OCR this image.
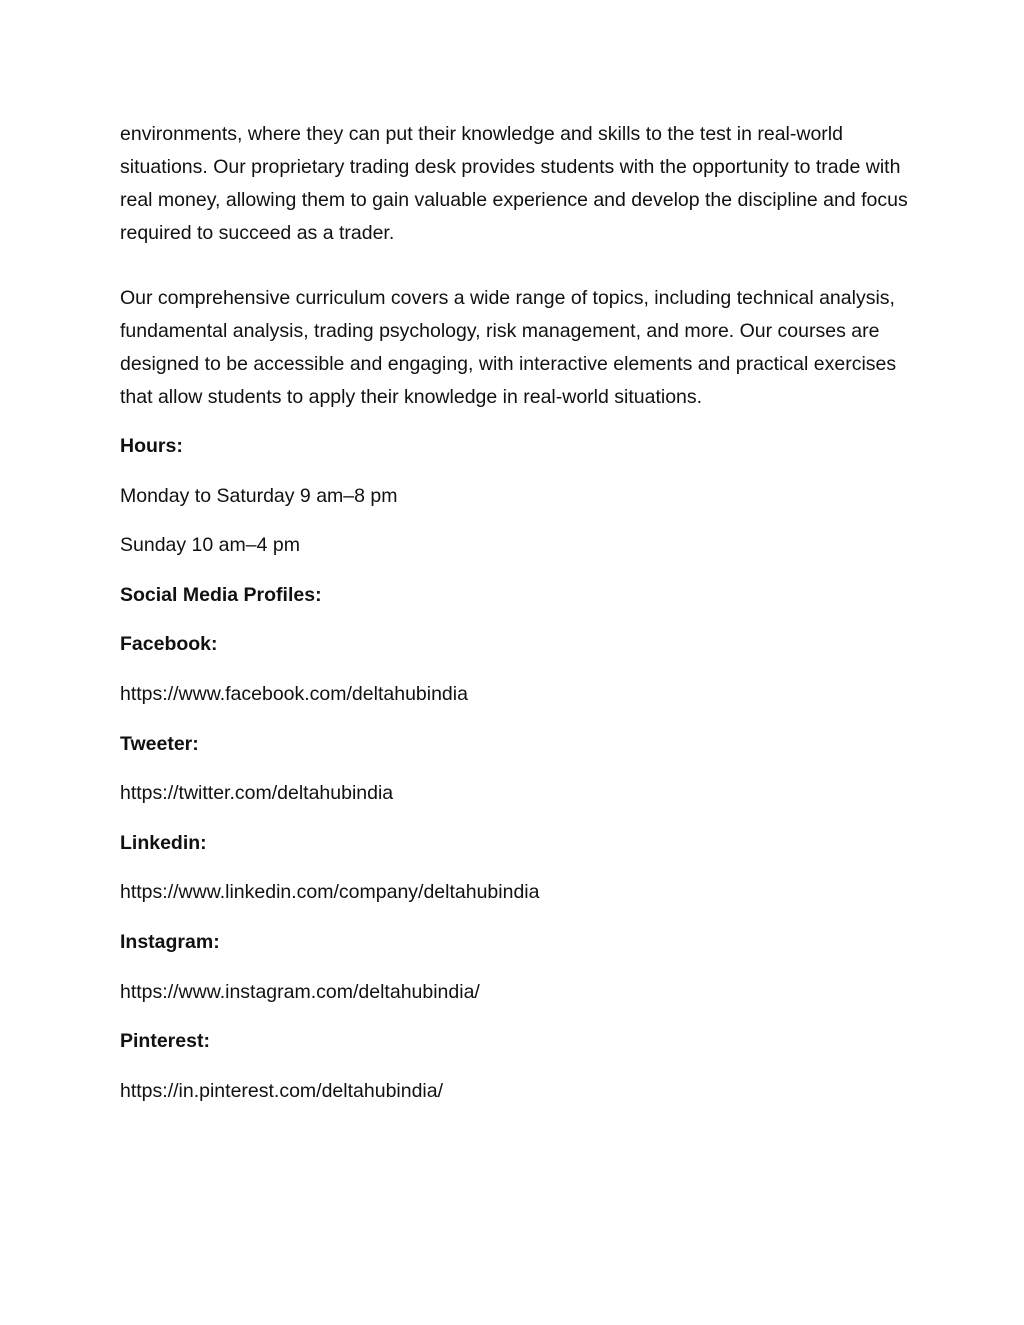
environments, where they can put their knowledge and skills to the test in real-world situations. Our proprietary trading desk provides students with the opportunity to trade with real money, allowing them to gain valuable experience and develop the discipline and focus required to succeed as a trader.

Our comprehensive curriculum covers a wide range of topics, including technical analysis, fundamental analysis, trading psychology, risk management, and more. Our courses are designed to be accessible and engaging, with interactive elements and practical exercises that allow students to apply their knowledge in real-world situations.

Hours:

Monday to Saturday 9 am–8 pm

Sunday 10 am–4 pm

Social Media Profiles:

Facebook:

https://www.facebook.com/deltahubindia

Tweeter:

https://twitter.com/deltahubindia

Linkedin:

https://www.linkedin.com/company/deltahubindia

Instagram:

https://www.instagram.com/deltahubindia/

Pinterest:

https://in.pinterest.com/deltahubindia/
